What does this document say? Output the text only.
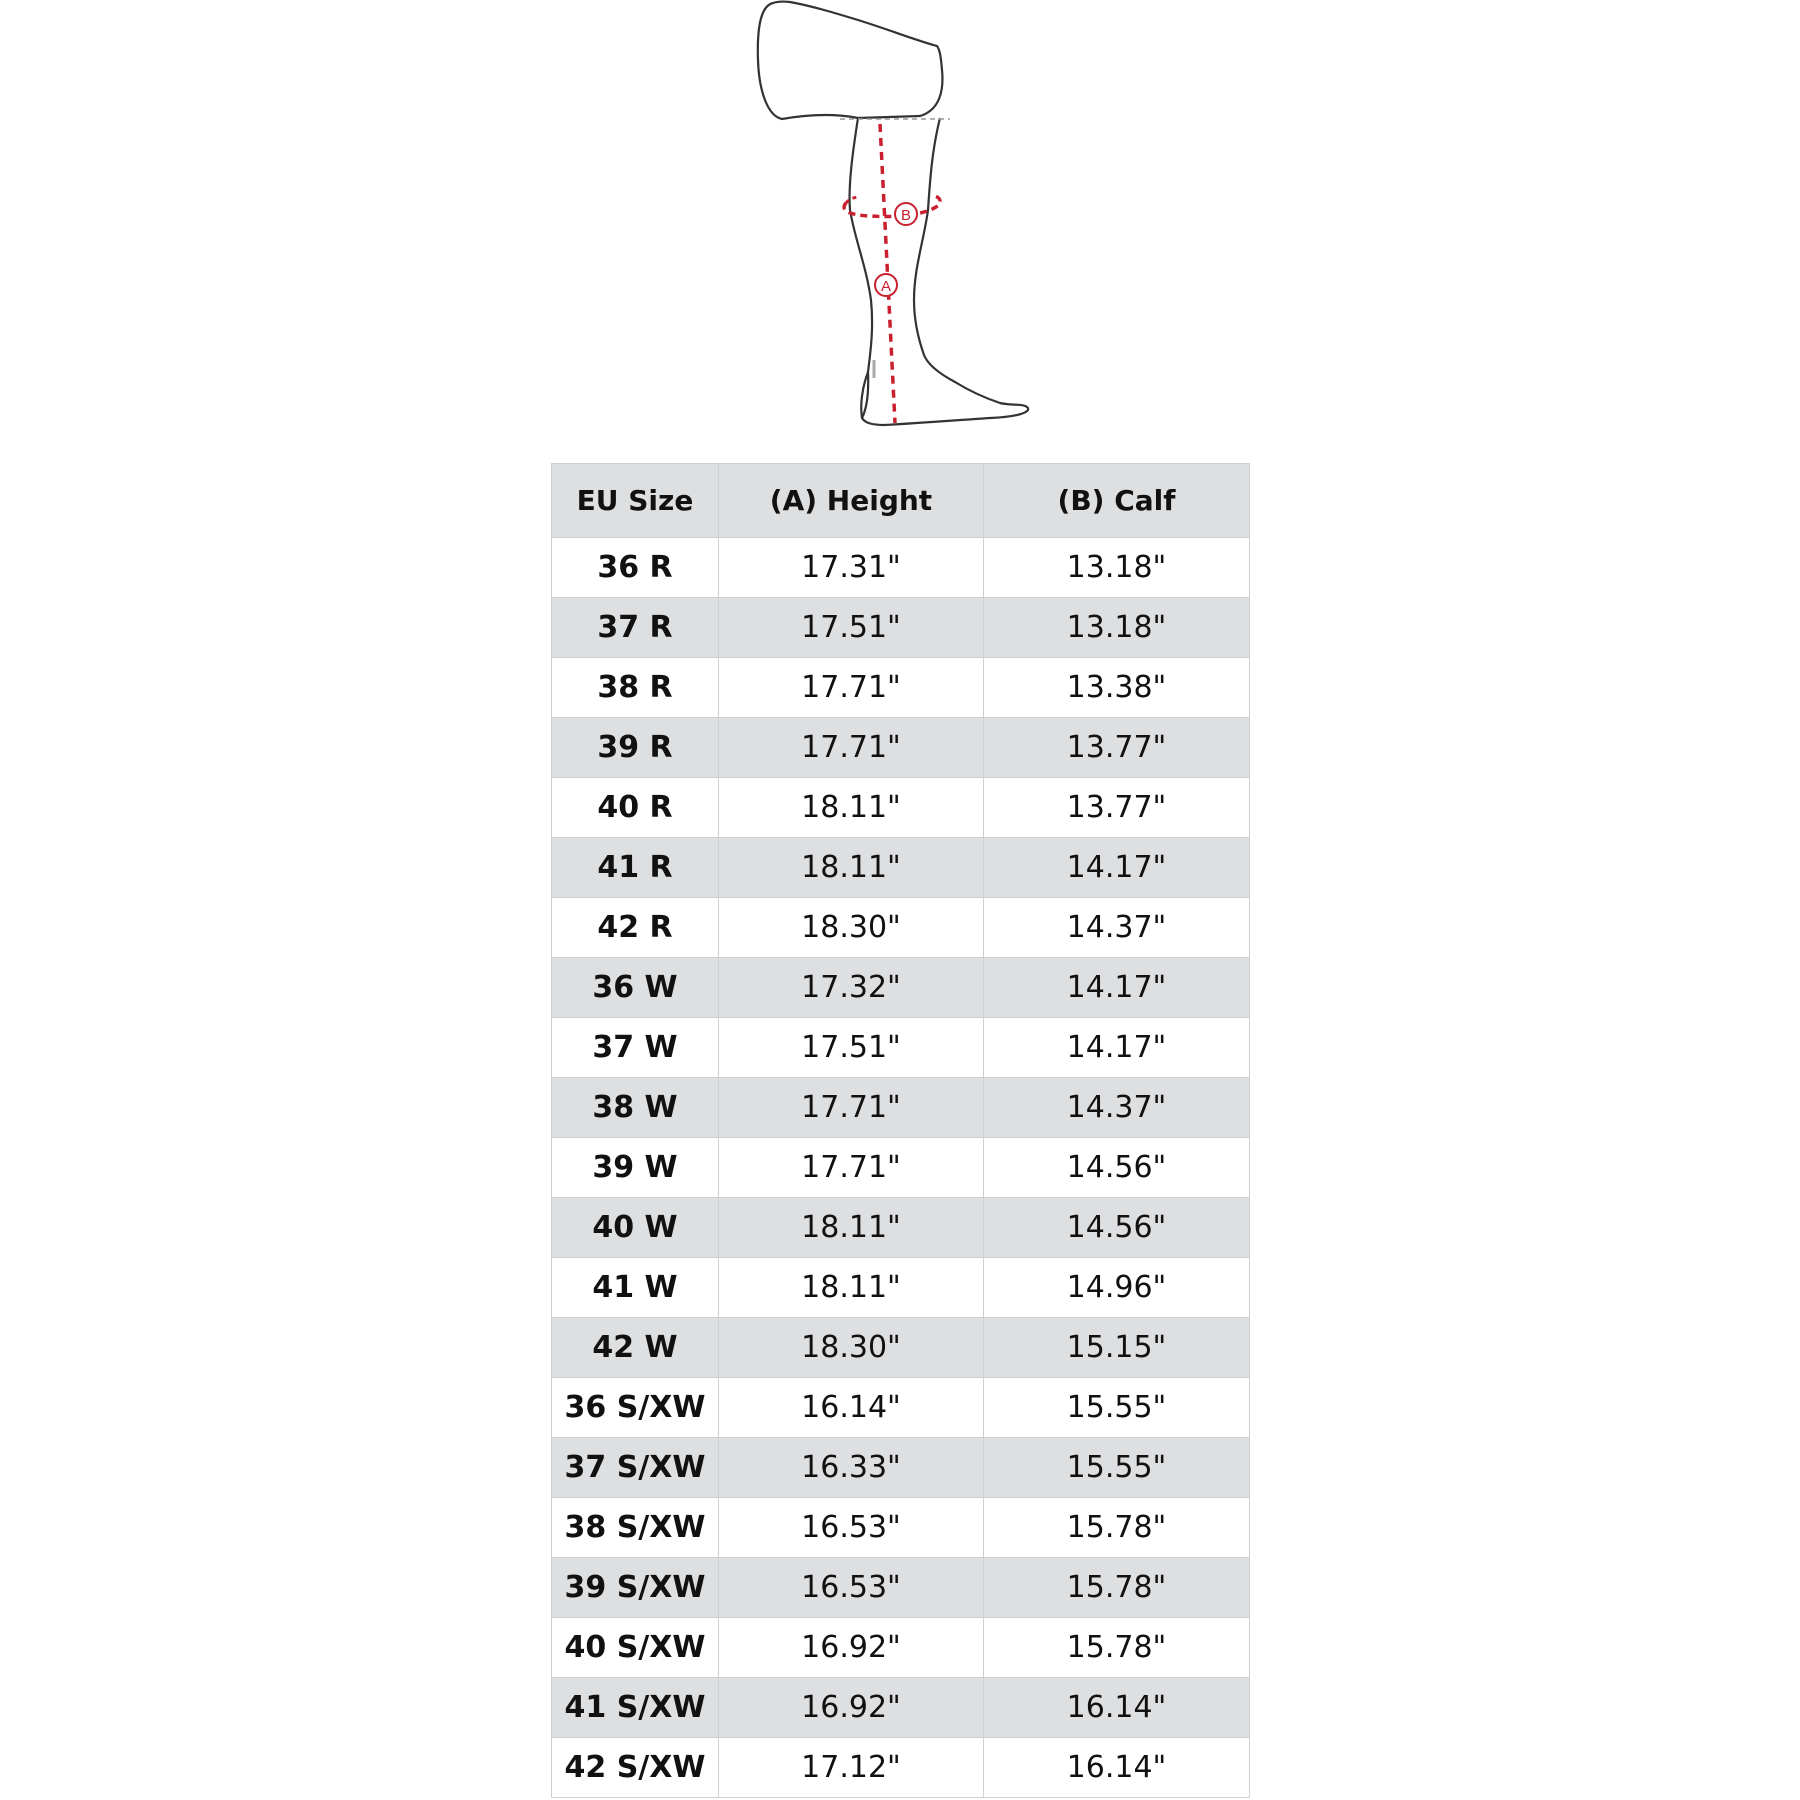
B
A
EU Size	(A) Height	(B) Calf
36 R	17.31"	13.18"
37 R	17.51"	13.18"
38 R	17.71"	13.38"
39 R	17.71"	13.77"
40 R	18.11"	13.77"
41 R	18.11"	14.17"
42 R	18.30"	14.37"
36 W	17.32"	14.17"
37 W	17.51"	14.17"
38 W	17.71"	14.37"
39 W	17.71"	14.56"
40 W	18.11"	14.56"
41 W	18.11"	14.96"
42 W	18.30"	15.15"
36 S/XW	16.14"	15.55"
37 S/XW	16.33"	15.55"
38 S/XW	16.53"	15.78"
39 S/XW	16.53"	15.78"
40 S/XW	16.92"	15.78"
41 S/XW	16.92"	16.14"
42 S/XW	17.12"	16.14"
